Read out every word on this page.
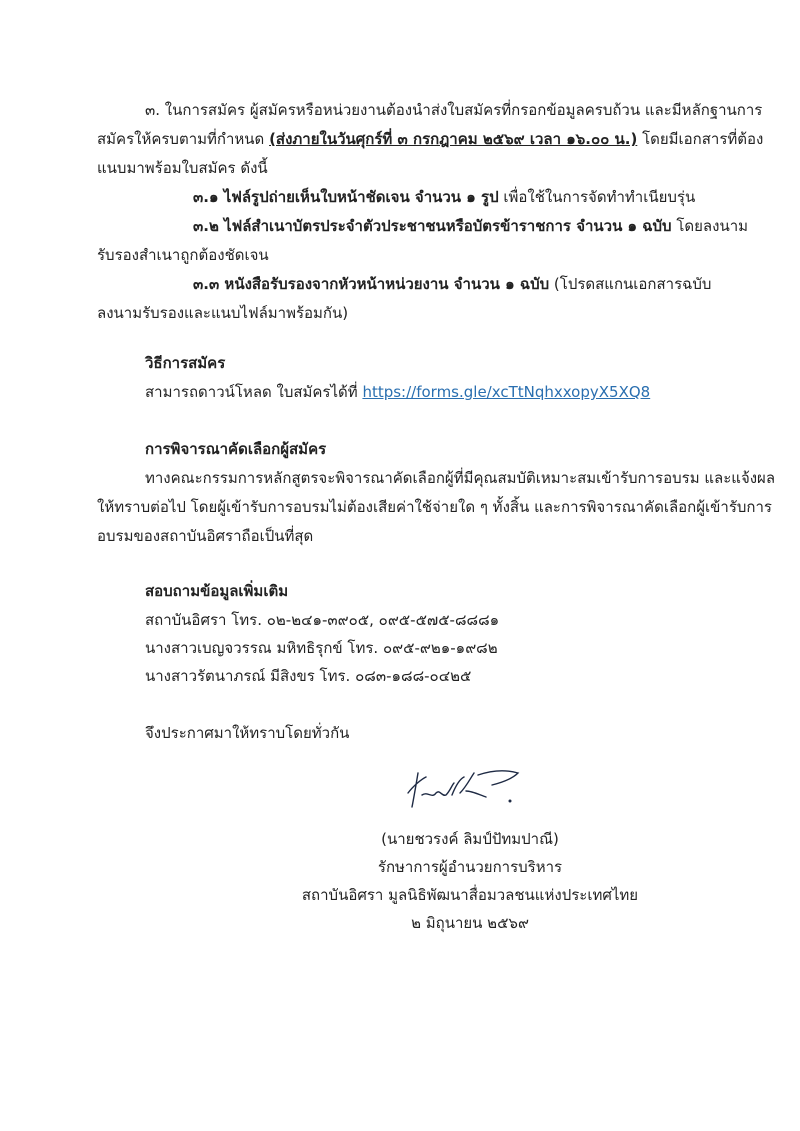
๓. ในการสมัคร ผู้สมัครหรือหน่วยงานต้องนำส่งใบสมัครที่กรอกข้อมูลครบถ้วน และมีหลักฐานการ
สมัครให้ครบตามที่กำหนด (ส่งภายในวันศุกร์ที่ ๓ กรกฎาคม ๒๕๖๙ เวลา ๑๖.๐๐ น.) โดยมีเอกสารที่ต้อง
แนบมาพร้อมใบสมัคร ดังนี้
๓.๑ ไฟล์รูปถ่ายเห็นใบหน้าชัดเจน จำนวน ๑ รูป เพื่อใช้ในการจัดทำทำเนียบรุ่น
๓.๒ ไฟล์สำเนาบัตรประจำตัวประชาชนหรือบัตรข้าราชการ จำนวน ๑ ฉบับ โดยลงนาม
รับรองสำเนาถูกต้องชัดเจน
๓.๓ หนังสือรับรองจากหัวหน้าหน่วยงาน จำนวน ๑ ฉบับ (โปรดสแกนเอกสารฉบับ
ลงนามรับรองและแนบไฟล์มาพร้อมกัน)
วิธีการสมัคร
สามารถดาวน์โหลด ใบสมัครได้ที่ https://forms.gle/xcTtNqhxxopyX5XQ8
การพิจารณาคัดเลือกผู้สมัคร
ทางคณะกรรมการหลักสูตรจะพิจารณาคัดเลือกผู้ที่มีคุณสมบัติเหมาะสมเข้ารับการอบรม และแจ้งผล
ให้ทราบต่อไป โดยผู้เข้ารับการอบรมไม่ต้องเสียค่าใช้จ่ายใด ๆ ทั้งสิ้น และการพิจารณาคัดเลือกผู้เข้ารับการ
อบรมของสถาบันอิศราถือเป็นที่สุด
สอบถามข้อมูลเพิ่มเติม
สถาบันอิศรา โทร. ๐๒-๒๔๑-๓๙๐๕, ๐๙๕-๕๗๕-๘๘๘๑
นางสาวเบญจวรรณ มหิทธิรุกข์ โทร. ๐๙๕-๙๒๑-๑๙๘๒
นางสาวรัตนาภรณ์ มีสิงขร โทร. ๐๘๓-๑๘๘-๐๔๒๕
จึงประกาศมาให้ทราบโดยทั่วกัน
(นายชวรงค์ ลิมป์ปัทมปาณี)
รักษาการผู้อำนวยการบริหาร
สถาบันอิศรา มูลนิธิพัฒนาสื่อมวลชนแห่งประเทศไทย
๒ มิถุนายน ๒๕๖๙
